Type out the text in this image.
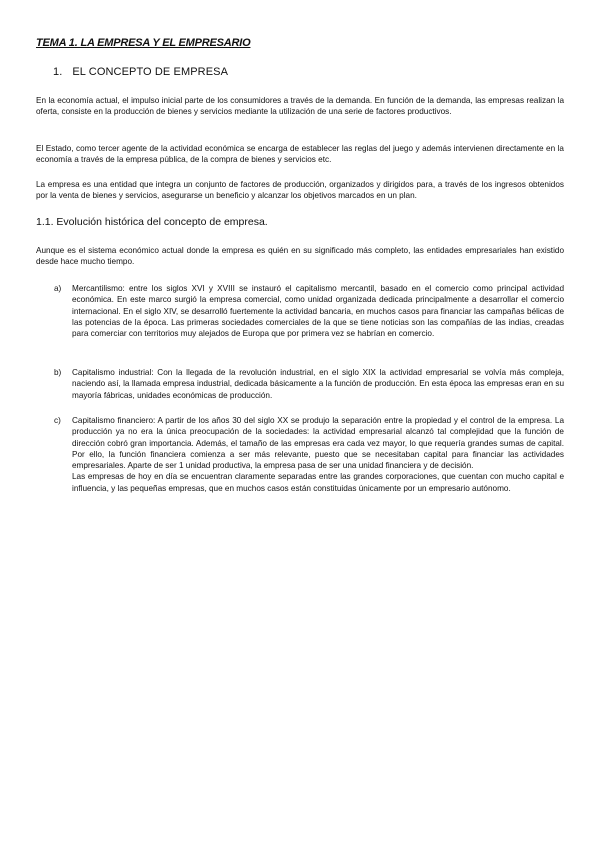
TEMA 1. LA EMPRESA Y EL EMPRESARIO
1. EL CONCEPTO DE EMPRESA

En la economía actual, el impulso inicial parte de los consumidores a través de la demanda. En función de la demanda, las empresas realizan la oferta, consiste en la producción de bienes y servicios mediante la utilización de una serie de factores productivos.

El Estado, como tercer agente de la actividad económica se encarga de establecer las reglas del juego y además intervienen directamente en la economía a través de la empresa pública, de la compra de bienes y servicios etc.

La empresa es una entidad que integra un conjunto de factores de producción, organizados y dirigidos para, a través de los ingresos obtenidos por la venta de bienes y servicios, asegurarse un beneficio y alcanzar los objetivos marcados en un plan.

1.1. Evolución histórica del concepto de empresa.

Aunque es el sistema económico actual donde la empresa es quién en su significado más completo, las entidades empresariales han existido desde hace mucho tiempo.

a) Mercantilismo: entre los siglos XVI y XVIII se instauró el capitalismo mercantil, basado en el comercio como principal actividad económica. En este marco surgió la empresa comercial, como unidad organizada dedicada principalmente a desarrollar el comercio internacional. En el siglo XIV, se desarrolló fuertemente la actividad bancaria, en muchos casos para financiar las campañas bélicas de las potencias de la época. Las primeras sociedades comerciales de la que se tiene noticias son las compañías de las indias, creadas para comerciar con territorios muy alejados de Europa que por primera vez se habrían en comercio.

b) Capitalismo industrial: Con la llegada de la revolución industrial, en el siglo XIX la actividad empresarial se volvía más compleja, naciendo así, la llamada empresa industrial, dedicada básicamente a la función de producción. En esta época las empresas eran en su mayoría fábricas, unidades económicas de producción.

c) Capitalismo financiero: A partir de los años 30 del siglo XX se produjo la separación entre la propiedad y el control de la empresa. La producción ya no era la única preocupación de la sociedades: la actividad empresarial alcanzó tal complejidad que la función de dirección cobró gran importancia. Además, el tamaño de las empresas era cada vez mayor, lo que requería grandes sumas de capital. Por ello, la función financiera comienza a ser más relevante, puesto que se necesitaban capital para financiar las actividades empresariales. Aparte de ser 1 unidad productiva, la empresa pasa de ser una unidad financiera y de decisión.

Las empresas de hoy en día se encuentran claramente separadas entre las grandes corporaciones, que cuentan con mucho capital e influencia, y las pequeñas empresas, que en muchos casos están constituidas únicamente por un empresario autónomo.
